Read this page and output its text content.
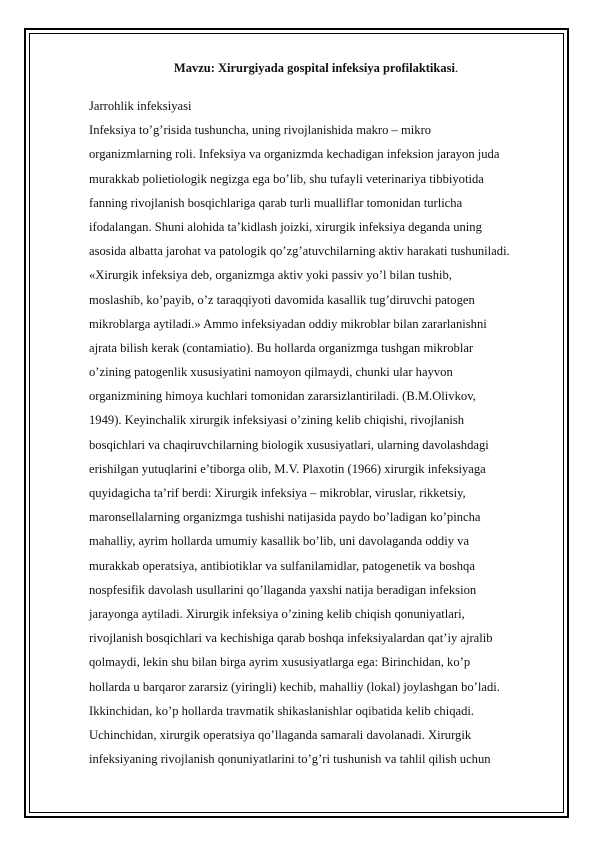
Mavzu: Xirurgiyada gospital infeksiya profilaktikasi.
Jarrohlik infeksiyasi
Infeksiya to’g’risida tushuncha, uning rivojlanishida makro – mikro
organizmlarning roli. Infeksiya va organizmda kechadigan infeksion jarayon juda
murakkab polietiologik negizga ega bo’lib, shu tufayli veterinariya tibbiyotida
fanning rivojlanish bosqichlariga qarab turli mualliflar tomonidan turlicha
ifodalangan. Shuni alohida ta’kidlash joizki, xirurgik infeksiya deganda uning
asosida albatta jarohat va patologik qo’zg’atuvchilarning aktiv harakati tushuniladi.
«Xirurgik infeksiya deb, organizmga aktiv yoki passiv yo’l bilan tushib,
moslashib, ko’payib, o’z taraqqiyoti davomida kasallik tug’diruvchi patogen
mikroblarga aytiladi.» Ammo infeksiyadan oddiy mikroblar bilan zararlanishni
ajrata bilish kerak (contamiatio). Bu hollarda organizmga tushgan mikroblar
o’zining patogenlik xususiyatini namoyon qilmaydi, chunki ular hayvon
organizmining himoya kuchlari tomonidan zararsizlantiriladi. (B.M.Olivkov,
1949). Keyinchalik xirurgik infeksiyasi o’zining kelib chiqishi, rivojlanish
bosqichlari va chaqiruvchilarning biologik xususiyatlari, ularning davolashdagi
erishilgan yutuqlarini e’tiborga olib, M.V. Plaxotin (1966) xirurgik infeksiyaga
quyidagicha ta’rif berdi: Xirurgik infeksiya – mikroblar, viruslar, rikketsiy,
maronsellalarning organizmga tushishi natijasida paydo bo’ladigan ko’pincha
mahalliy, ayrim hollarda umumiy kasallik bo’lib, uni davolaganda oddiy va
murakkab operatsiya, antibiotiklar va sulfanilamidlar, patogenetik va boshqa
nospfesifik davolash usullarini qo’llaganda yaxshi natija beradigan infeksion
jarayonga aytiladi. Xirurgik infeksiya o’zining kelib chiqish qonuniyatlari,
rivojlanish bosqichlari va kechishiga qarab boshqa infeksiyalardan qat’iy ajralib
qolmaydi, lekin shu bilan birga ayrim xususiyatlarga ega: Birinchidan, ko’p
hollarda u barqaror zararsiz (yiringli) kechib, mahalliy (lokal) joylashgan bo’ladi.
Ikkinchidan, ko’p hollarda travmatik shikaslanishlar oqibatida kelib chiqadi.
Uchinchidan, xirurgik operatsiya qo’llaganda samarali davolanadi. Xirurgik
infeksiyaning rivojlanish qonuniyatlarini to’g’ri tushunish va tahlil qilish uchun
